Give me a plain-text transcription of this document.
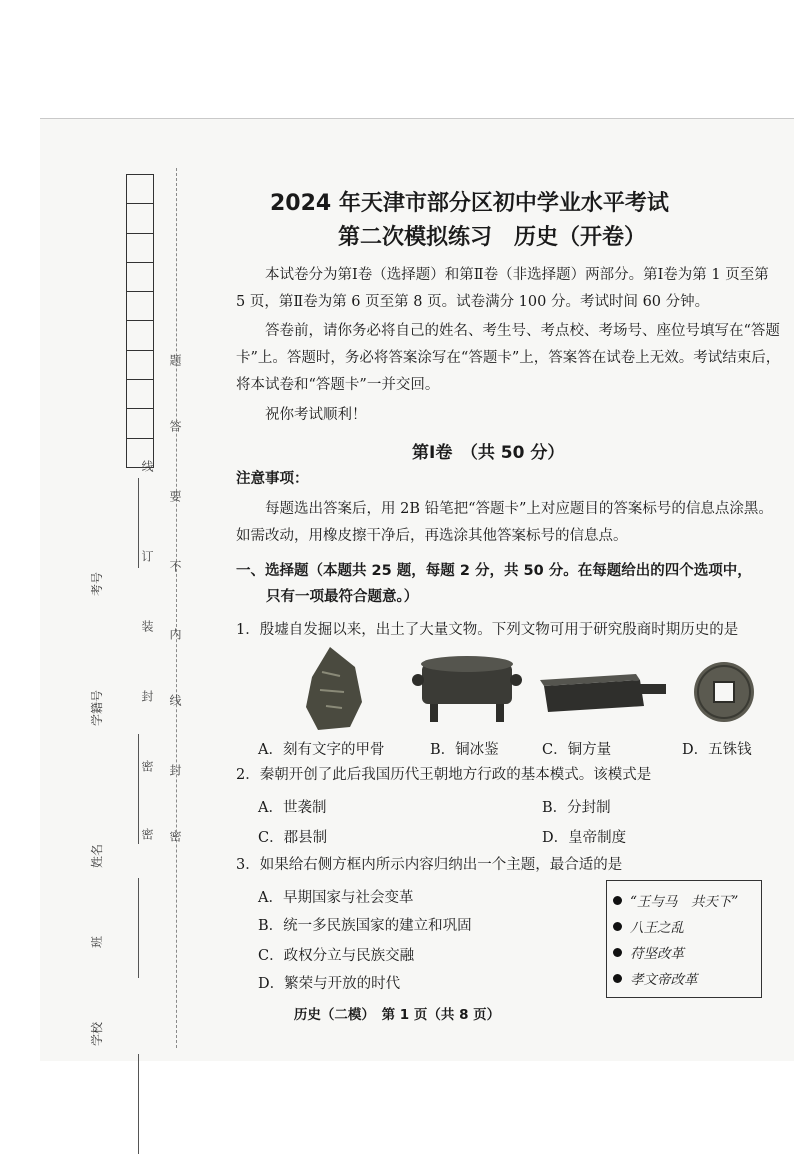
考号
学籍号
姓名
班
学校
题
答
要
不
内
线
封
密
线
订
装
封
密
密
2024 年天津市部分区初中学业水平考试
第二次模拟练习　历史（开卷）
本试卷分为第Ⅰ卷（选择题）和第Ⅱ卷（非选择题）两部分。第Ⅰ卷为第 1 页至第 5 页，第Ⅱ卷为第 6 页至第 8 页。试卷满分 100 分。考试时间 60 分钟。
答卷前，请你务必将自己的姓名、考生号、考点校、考场号、座位号填写在“答题卡”上。答题时，务必将答案涂写在“答题卡”上，答案答在试卷上无效。考试结束后，将本试卷和“答题卡”一并交回。
祝你考试顺利！
第Ⅰ卷　（共 50 分）
注意事项：
每题选出答案后，用 2B 铅笔把“答题卡”上对应题目的答案标号的信息点涂黑。如需改动，用橡皮擦干净后，再选涂其他答案标号的信息点。
一、选择题（本题共 25 题，每题 2 分，共 50 分。在每题给出的四个选项中，
只有一项最符合题意。）
1．殷墟自发掘以来，出土了大量文物。下列文物可用于研究殷商时期历史的是
A．刻有文字的甲骨	B．铜冰鉴	C．铜方量	D．五铢钱
2．秦朝开创了此后我国历代王朝地方行政的基本模式。该模式是
A．世袭制	B．分封制
C．郡县制	D．皇帝制度
3．如果给右侧方框内所示内容归纳出一个主题，最合适的是
A．早期国家与社会变革
B．统一多民族国家的建立和巩固
C．政权分立与民族交融
D．繁荣与开放的时代
“王与马　共天下”
八王之乱
苻坚改革
孝文帝改革
历史（二模）　第 1 页（共 8 页）
